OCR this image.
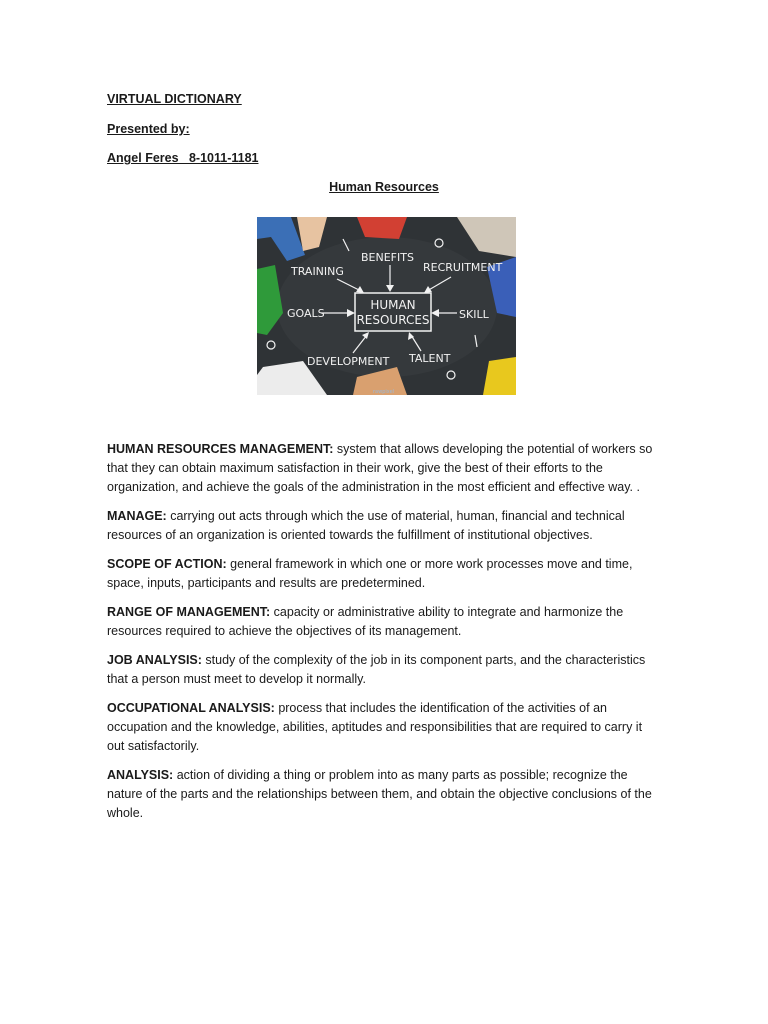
VIRTUAL DICTIONARY

Presented by:

Angel Feres   8-1011-1181

Human Resources

HUMAN
RESOURCES
BENEFITS
TRAINING	RECRUITMENT
GOALS	SKILL
DEVELOPMENT TALENT
rawpixel

HUMAN RESOURCES MANAGEMENT: system that allows developing the potential of workers so that they can obtain maximum satisfaction in their work, give the best of their efforts to the organization, and achieve the goals of the administration in the most efficient and effective way. .

MANAGE: carrying out acts through which the use of material, human, financial and technical resources of an organization is oriented towards the fulfillment of institutional objectives.

SCOPE OF ACTION: general framework in which one or more work processes move and time, space, inputs, participants and results are predetermined.

RANGE OF MANAGEMENT: capacity or administrative ability to integrate and harmonize the resources required to achieve the objectives of its management.

JOB ANALYSIS: study of the complexity of the job in its component parts, and the characteristics that a person must meet to develop it normally.

OCCUPATIONAL ANALYSIS: process that includes the identification of the activities of an occupation and the knowledge, abilities, aptitudes and responsibilities that are required to carry it out satisfactorily.

ANALYSIS: action of dividing a thing or problem into as many parts as possible; recognize the nature of the parts and the relationships between them, and obtain the objective conclusions of the whole.
